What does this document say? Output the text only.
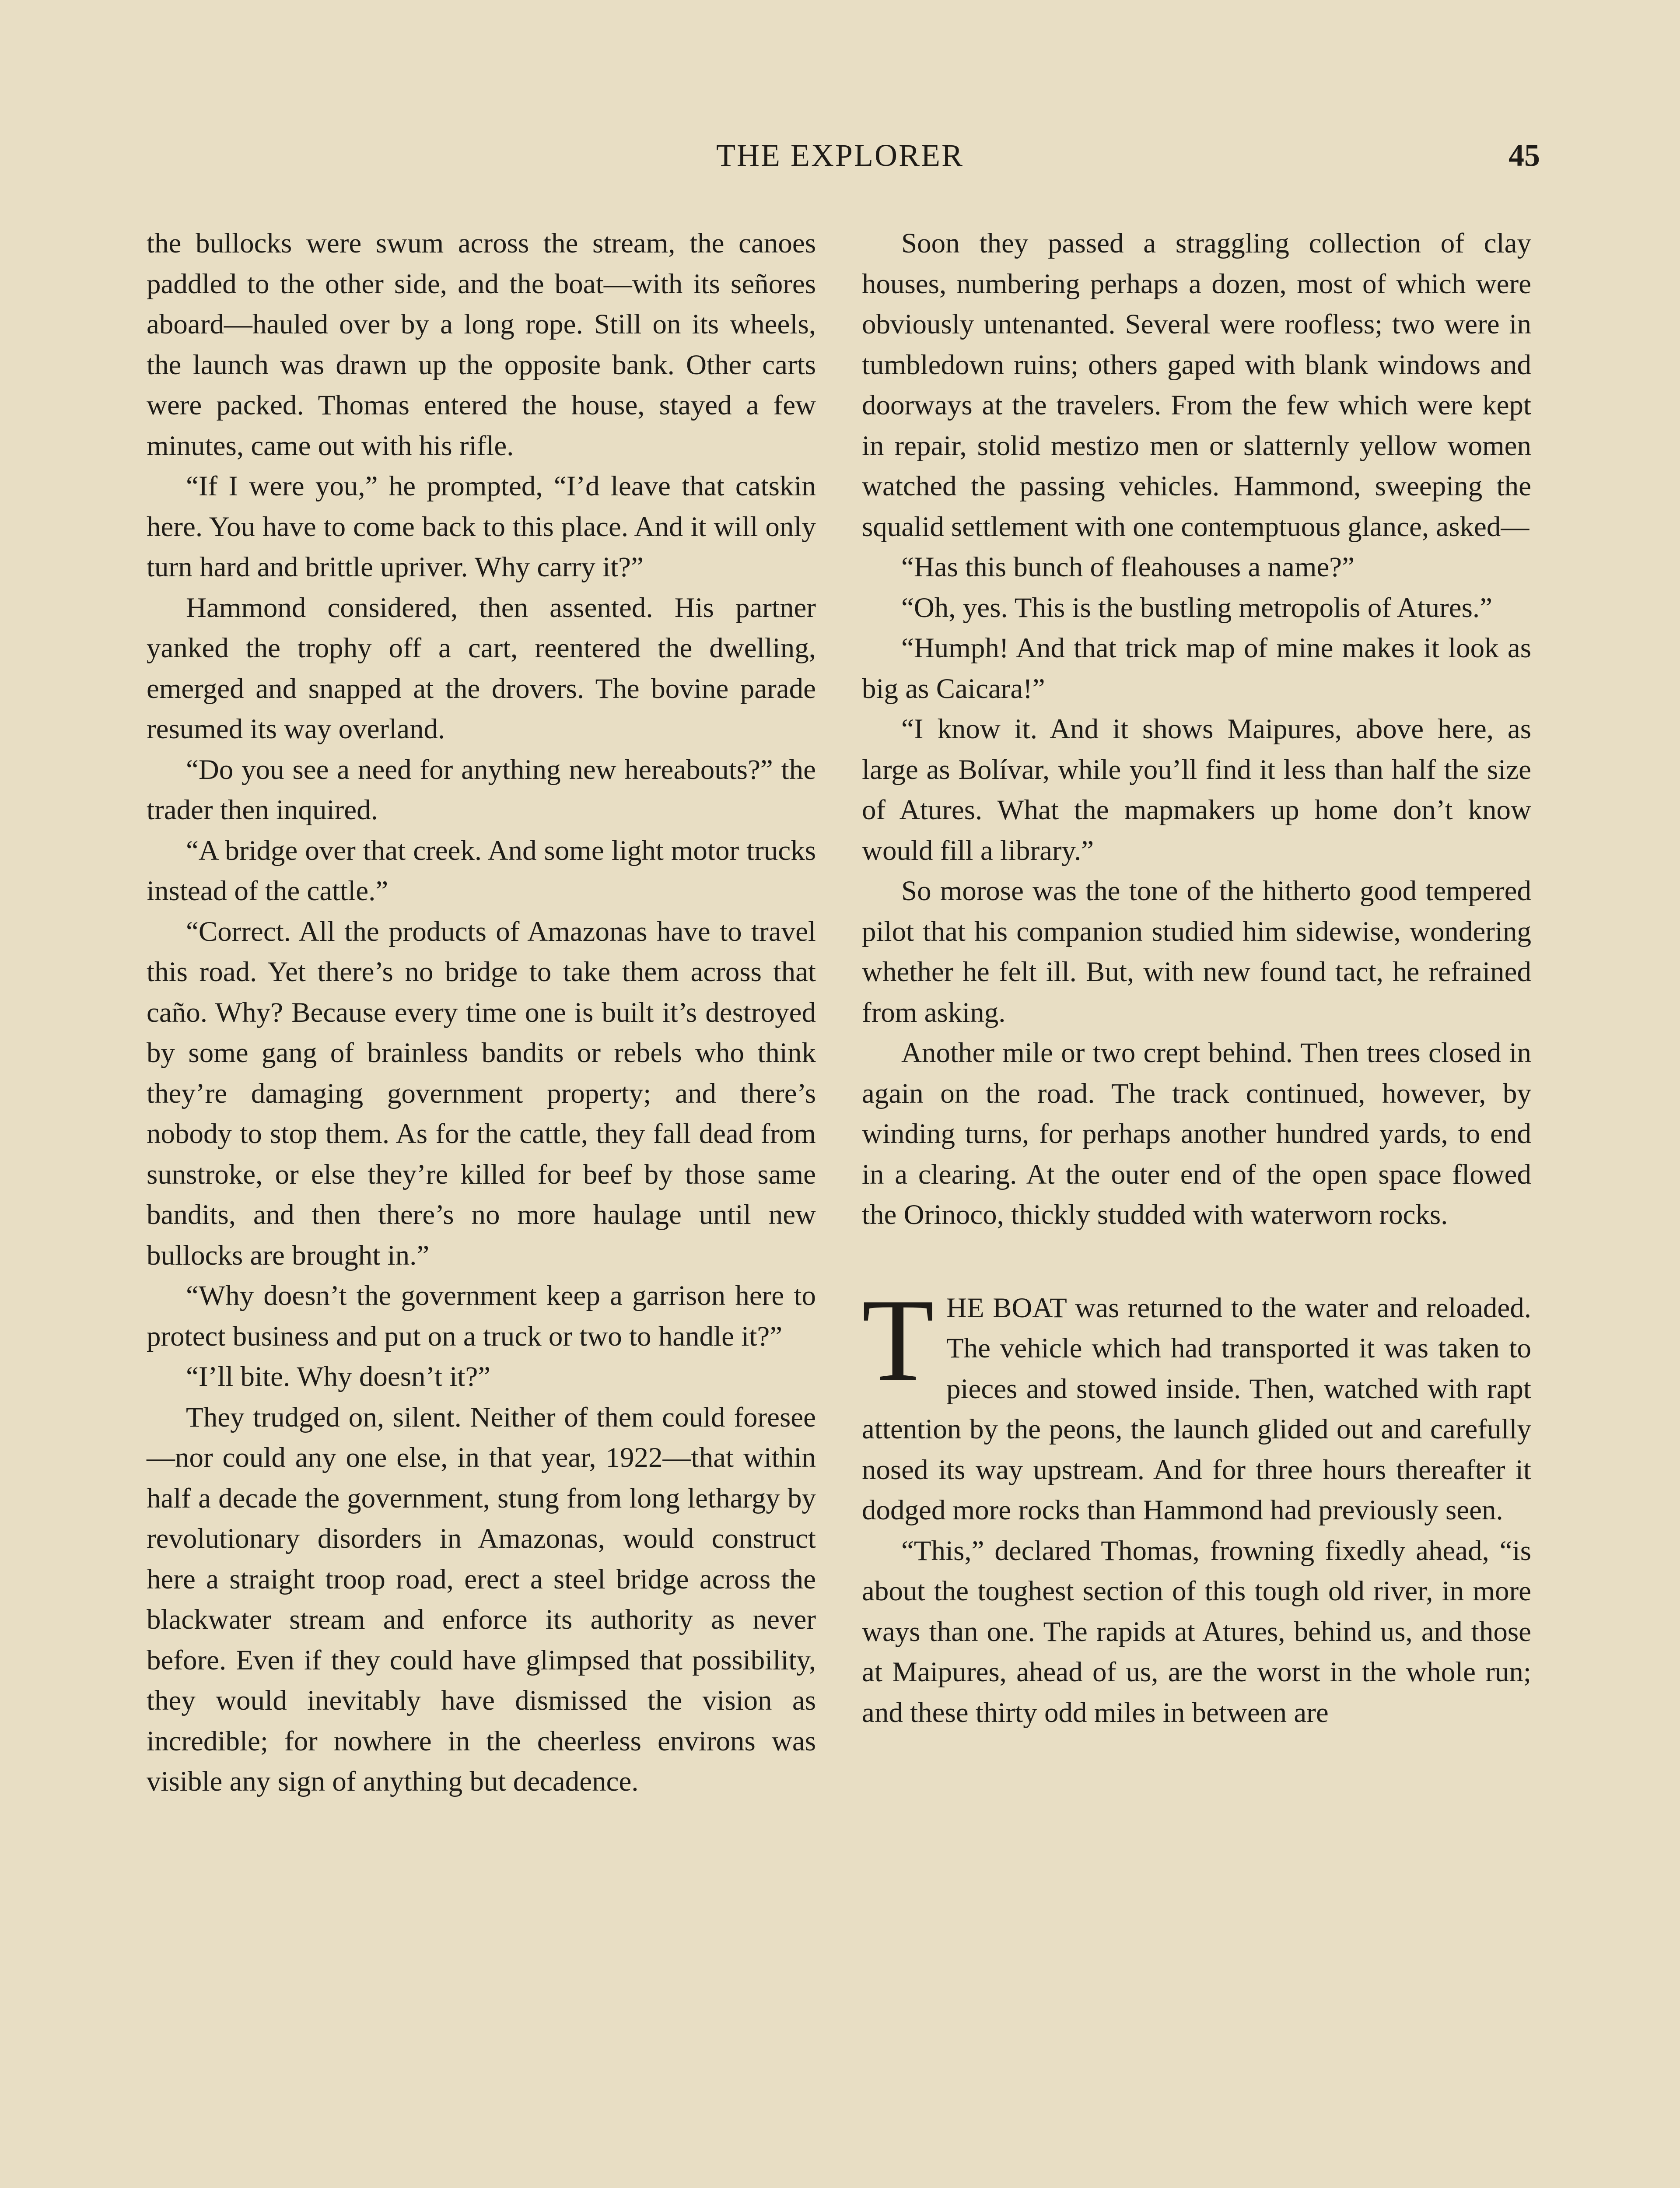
THE EXPLORER	45

the bullocks were swum across the stream, the canoes paddled to the other side, and the boat—with its señores aboard—hauled over by a long rope. Still on its wheels, the launch was drawn up the opposite bank. Other carts were packed. Thomas entered the house, stayed a few minutes, came out with his rifle.

“If I were you,” he prompted, “I’d leave that catskin here. You have to come back to this place. And it will only turn hard and brittle upriver. Why carry it?”

Hammond considered, then assented. His partner yanked the trophy off a cart, reentered the dwelling, emerged and snapped at the drovers. The bovine parade resumed its way overland.

“Do you see a need for anything new hereabouts?” the trader then inquired.

“A bridge over that creek. And some light motor trucks instead of the cattle.”

“Correct. All the products of Amazonas have to travel this road. Yet there’s no bridge to take them across that caño. Why? Because every time one is built it’s destroyed by some gang of brainless bandits or rebels who think they’re damaging government property; and there’s nobody to stop them. As for the cattle, they fall dead from sunstroke, or else they’re killed for beef by those same bandits, and then there’s no more haulage until new bullocks are brought in.”

“Why doesn’t the government keep a garrison here to protect business and put on a truck or two to handle it?”

“I’ll bite. Why doesn’t it?”

They trudged on, silent. Neither of them could foresee—nor could any one else, in that year, 1922—that within half a decade the government, stung from long lethargy by revolutionary disorders in Amazonas, would construct here a straight troop road, erect a steel bridge across the blackwater stream and enforce its authority as never before. Even if they could have glimpsed that possibility, they would inevitably have dismissed the vision as incredible; for nowhere in the cheerless environs was visible any sign of anything but decadence.

Soon they passed a straggling collection of clay houses, numbering perhaps a dozen, most of which were obviously untenanted. Several were roofless; two were in tumbledown ruins; others gaped with blank windows and doorways at the travelers. From the few which were kept in repair, stolid mestizo men or slatternly yellow women watched the passing vehicles. Hammond, sweeping the squalid settlement with one contemptuous glance, asked—

“Has this bunch of fleahouses a name?”

“Oh, yes. This is the bustling metropolis of Atures.”

“Humph! And that trick map of mine makes it look as big as Caicara!”

“I know it. And it shows Maipures, above here, as large as Bolívar, while you’ll find it less than half the size of Atures. What the mapmakers up home don’t know would fill a library.”

So morose was the tone of the hitherto good tempered pilot that his companion studied him sidewise, wondering whether he felt ill. But, with new found tact, he refrained from asking.

Another mile or two crept behind. Then trees closed in again on the road. The track continued, however, by winding turns, for perhaps another hundred yards, to end in a clearing. At the outer end of the open space flowed the Orinoco, thickly studded with waterworn rocks.

THE BOAT was returned to the water and reloaded. The vehicle which had transported it was taken to pieces and stowed inside. Then, watched with rapt attention by the peons, the launch glided out and carefully nosed its way upstream. And for three hours thereafter it dodged more rocks than Hammond had previously seen.

“This,” declared Thomas, frowning fixedly ahead, “is about the toughest section of this tough old river, in more ways than one. The rapids at Atures, behind us, and those at Maipures, ahead of us, are the worst in the whole run; and these thirty odd miles in between are
